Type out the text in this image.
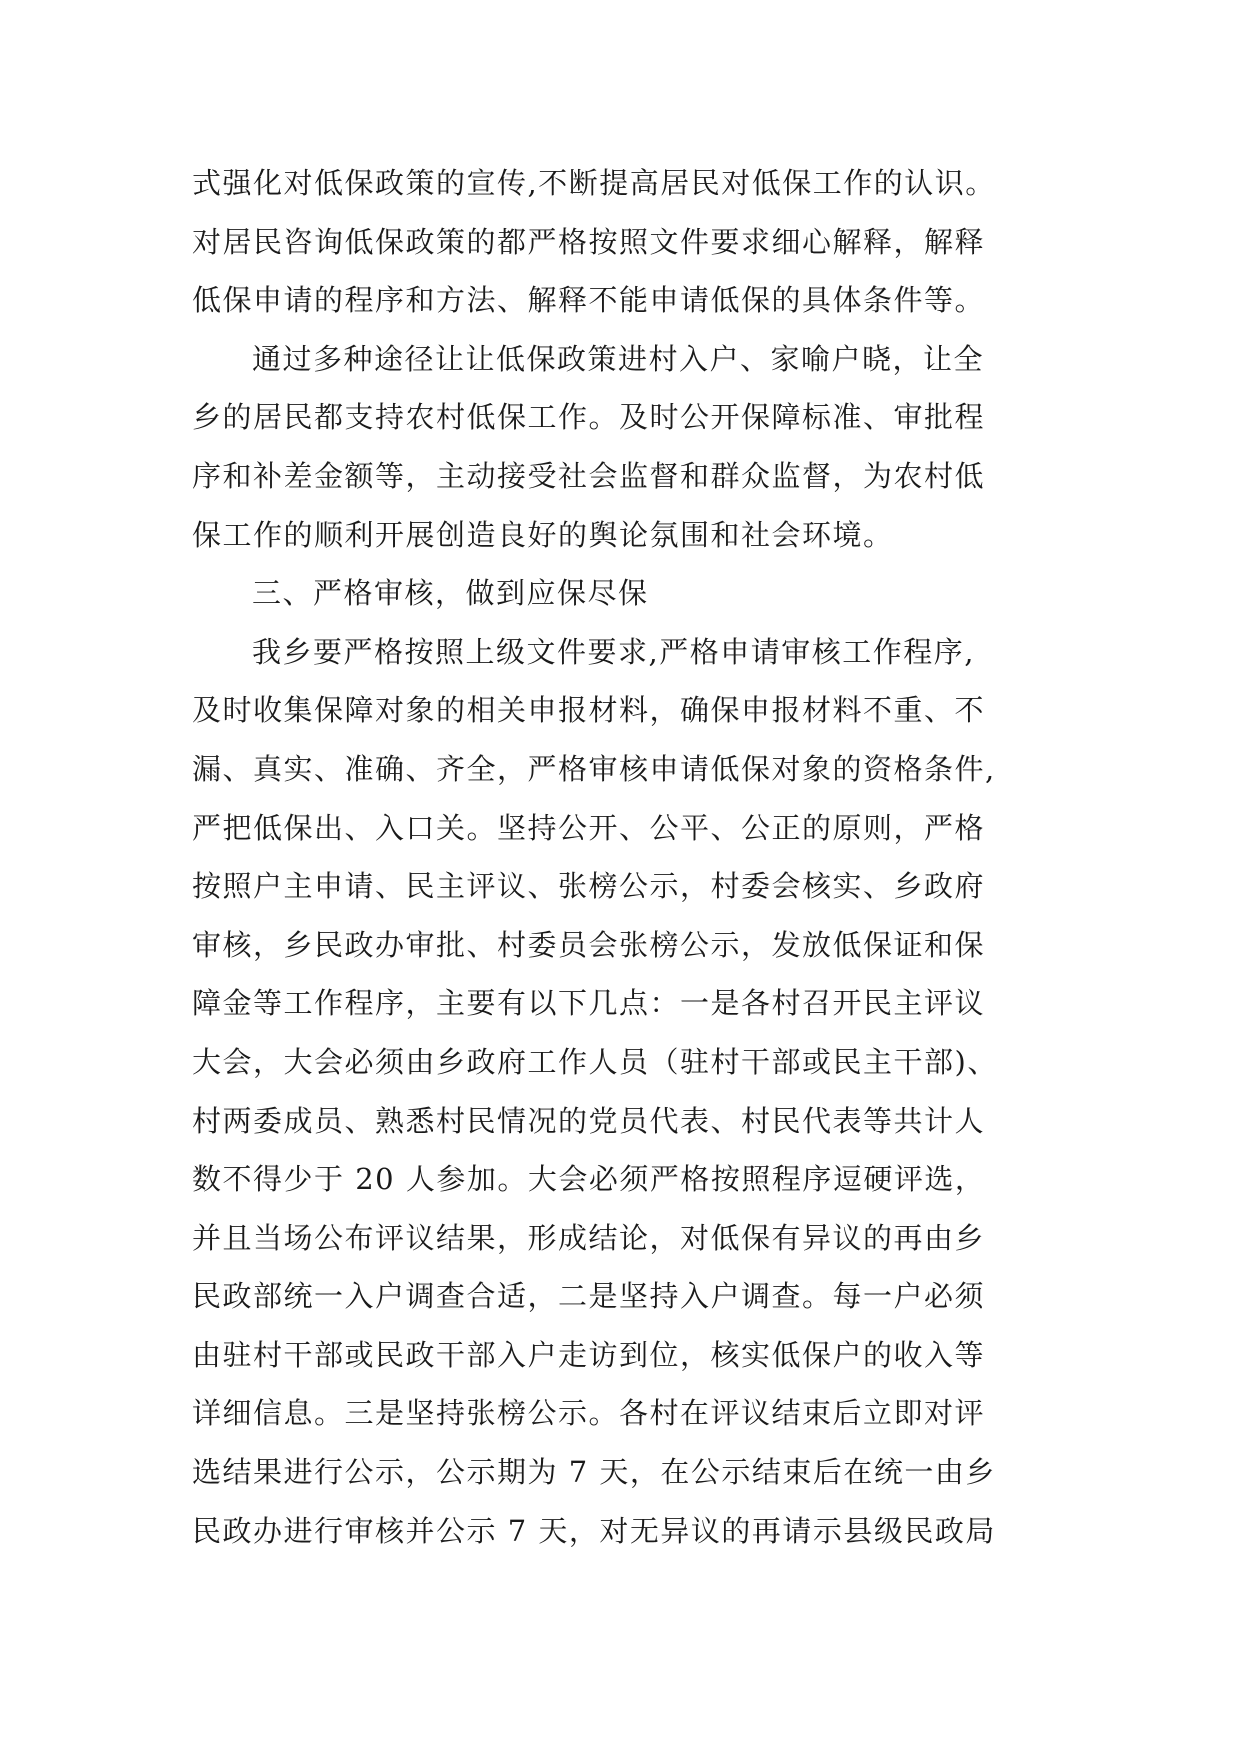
式强化对低保政策的宣传,不断提高居民对低保工作的认识。
对居民咨询低保政策的都严格按照文件要求细心解释，解释
低保申请的程序和方法、解释不能申请低保的具体条件等。
通过多种途径让让低保政策进村入户、家喻户晓，让全
乡的居民都支持农村低保工作。及时公开保障标准、审批程
序和补差金额等，主动接受社会监督和群众监督，为农村低
保工作的顺利开展创造良好的舆论氛围和社会环境。
三、严格审核，做到应保尽保
我乡要严格按照上级文件要求,严格申请审核工作程序,
及时收集保障对象的相关申报材料，确保申报材料不重、不
漏、真实、准确、齐全，严格审核申请低保对象的资格条件,
严把低保出、入口关。坚持公开、公平、公正的原则，严格
按照户主申请、民主评议、张榜公示，村委会核实、乡政府
审核，乡民政办审批、村委员会张榜公示，发放低保证和保
障金等工作程序，主要有以下几点：一是各村召开民主评议
大会，大会必须由乡政府工作人员（驻村干部或民主干部)、
村两委成员、熟悉村民情况的党员代表、村民代表等共计人
数不得少于 20 人参加。大会必须严格按照程序逗硬评选，
并且当场公布评议结果，形成结论，对低保有异议的再由乡
民政部统一入户调查合适，二是坚持入户调查。每一户必须
由驻村干部或民政干部入户走访到位，核实低保户的收入等
详细信息。三是坚持张榜公示。各村在评议结束后立即对评
选结果进行公示，公示期为 7 天，在公示结束后在统一由乡
民政办进行审核并公示 7 天，对无异议的再请示县级民政局
